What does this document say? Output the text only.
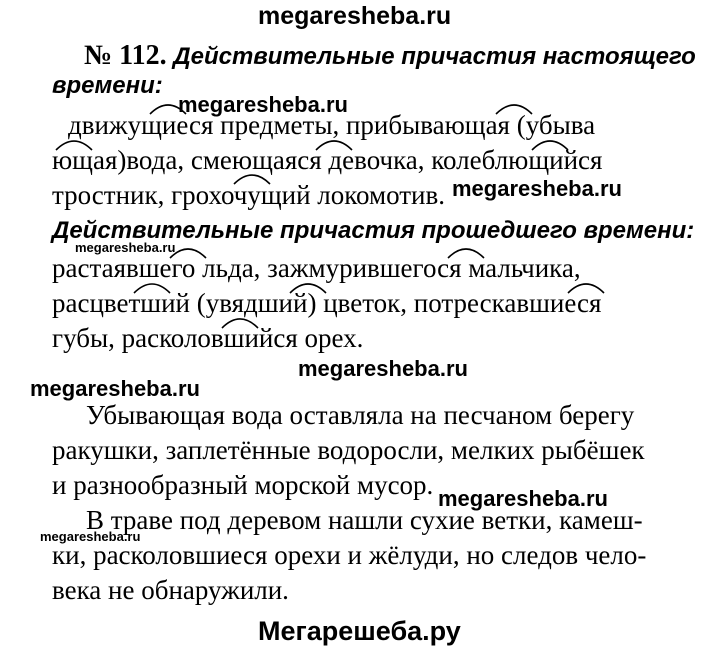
megaresheba.ru
megaresheba.ru
megaresheba.ru
megaresheba.ru
megaresheba.ru
megaresheba.ru
megaresheba.ru
megaresheba.ru
№ 112. Действительные причастия настоящего
времени:
движущиеся предметы, прибывающая (убыва
ющая)вода, смеющаяся девочка, колеблющийся
тростник, грохочущий локомотив.
Действительные причастия прошедшего времени:
растаявшего льда, зажмурившегося мальчика,
расцветший (увядший) цветок, потрескавшиеся
губы, расколовшийся орех.
Убывающая вода оставляла на песчаном берегу
ракушки, заплетённые водоросли, мелких рыбёшек
и разнообразный морской мусор.
В траве под деревом нашли сухие ветки, камеш-
ки, расколовшиеся орехи и жёлуди, но следов чело-
века не обнаружили.
Мегарешеба.ру
